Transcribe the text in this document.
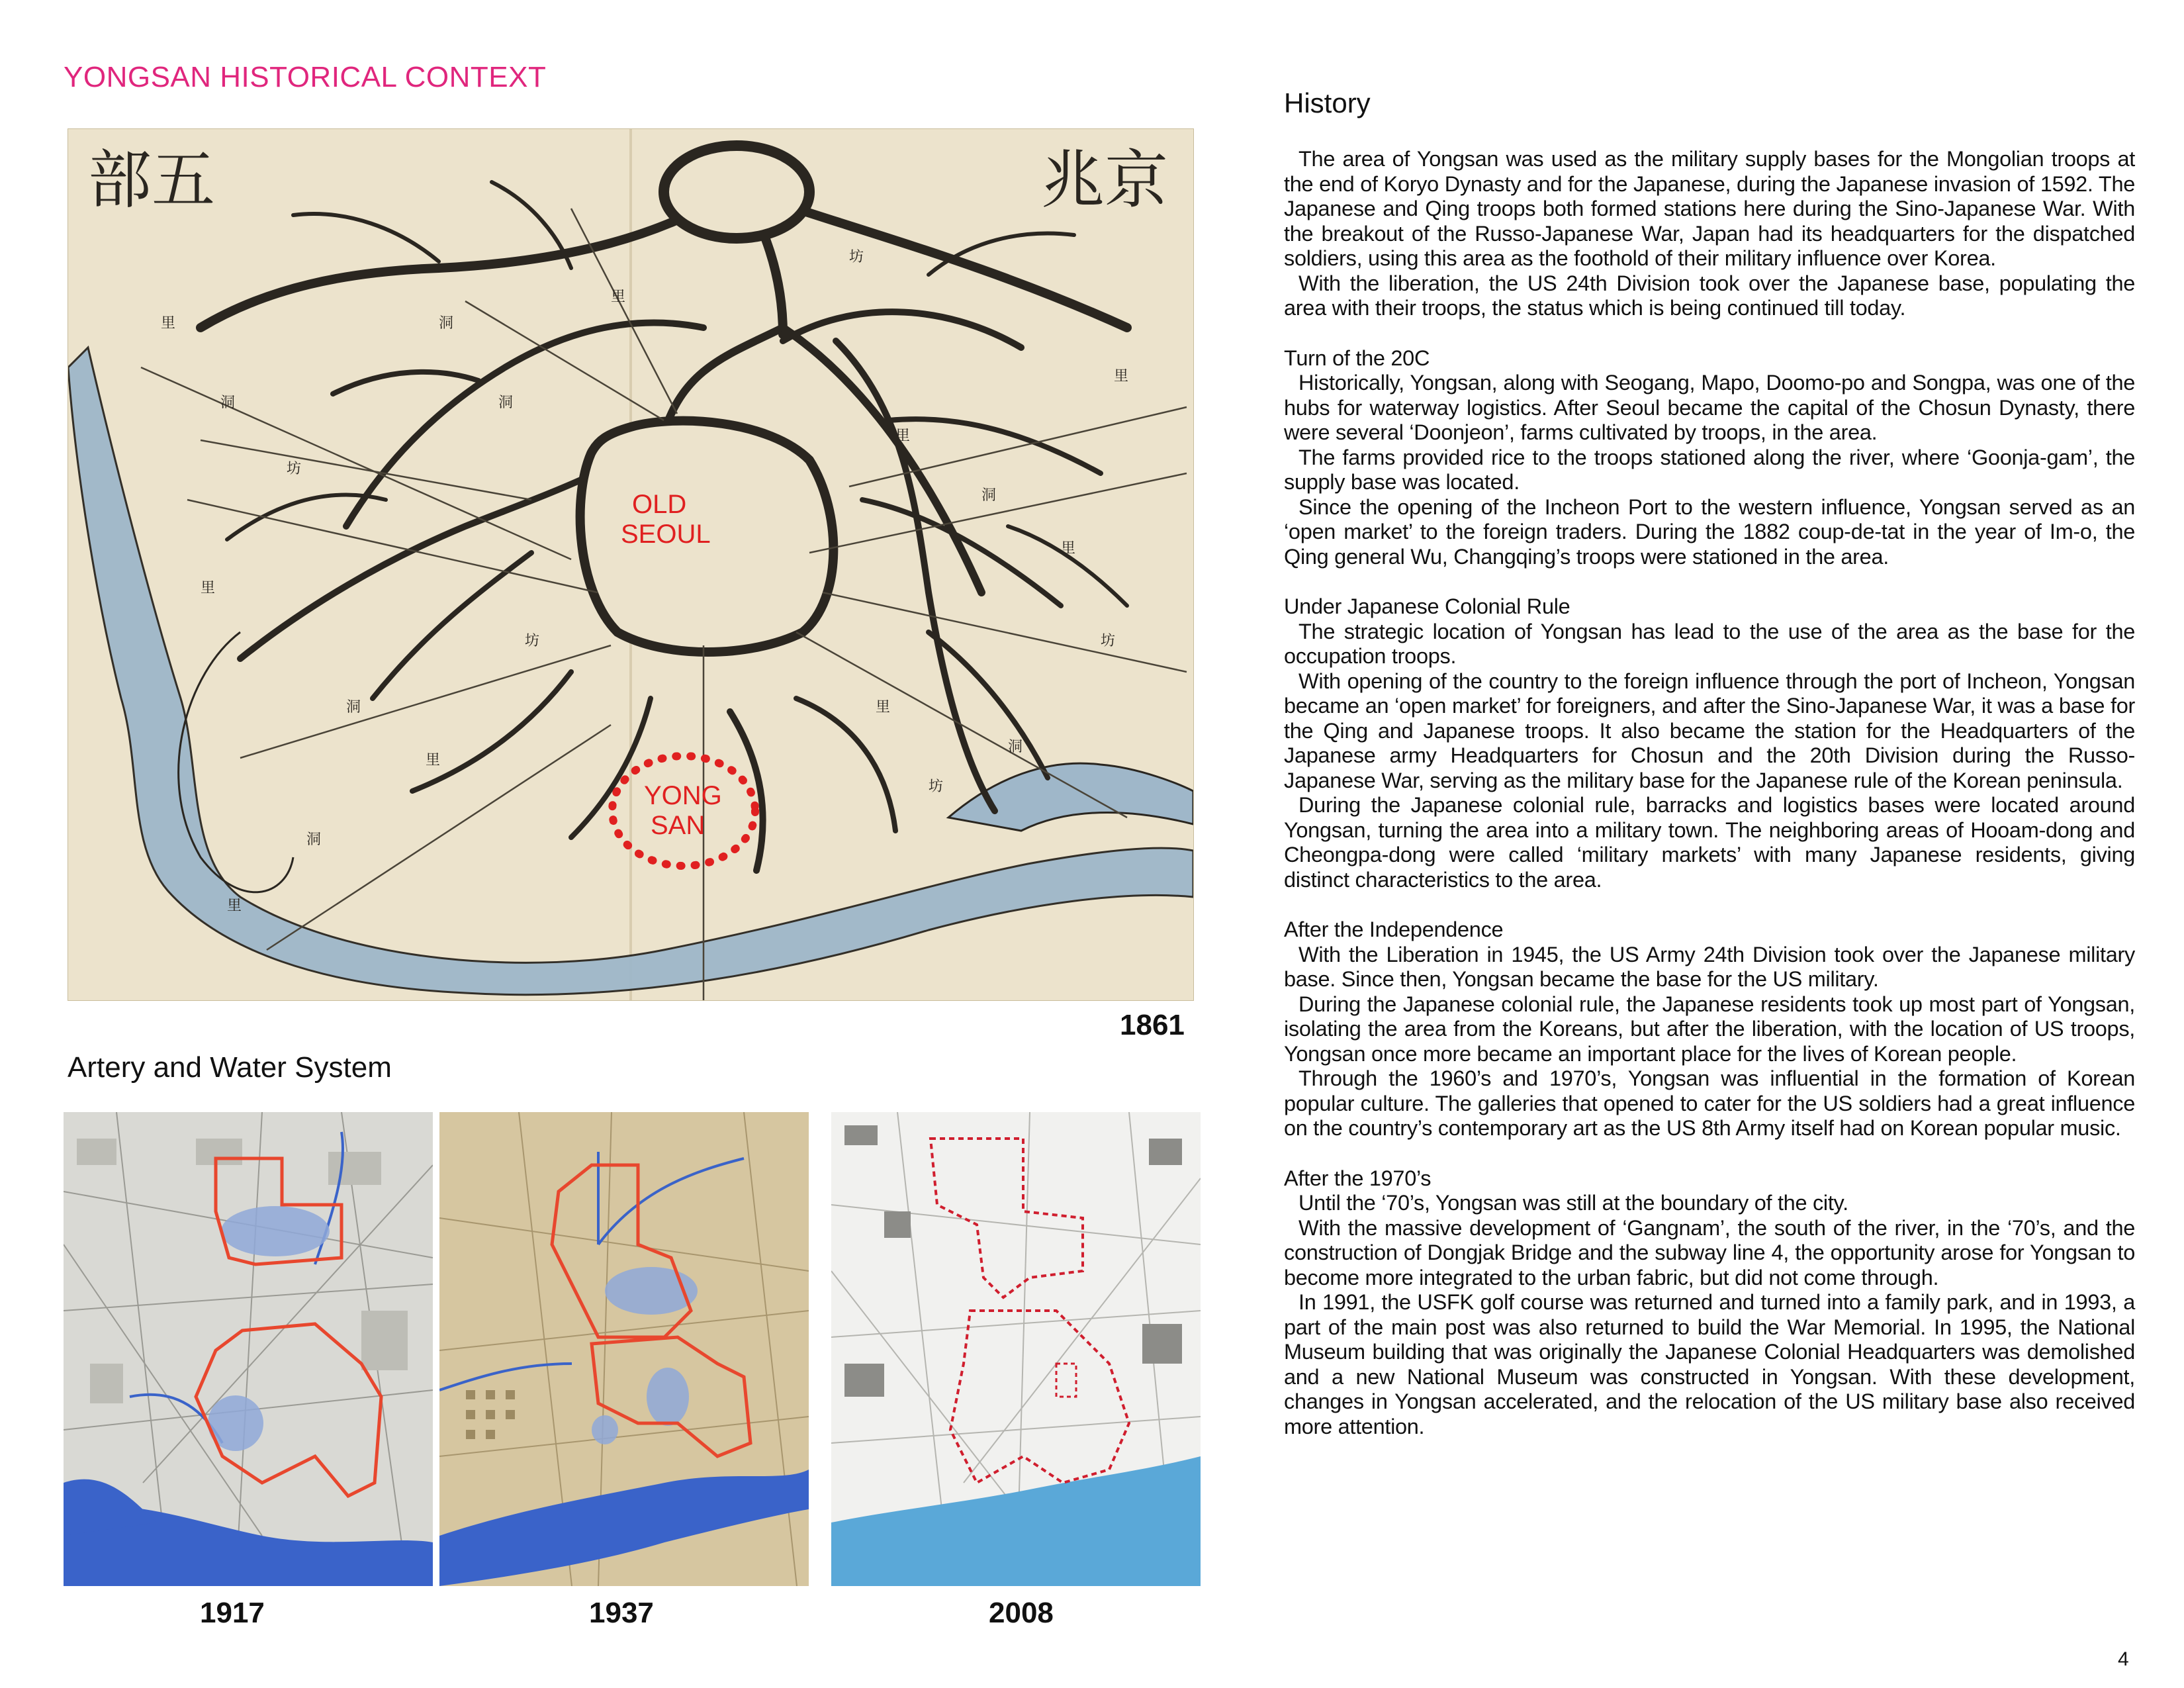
YONGSAN HISTORICAL CONTEXT
里
洞
坊
里
洞
里
洞
坊
里
洞
里
坊
里
洞
里
洞
里
坊
洞
里
坊
部五	兆京
OLD
SEOUL
YONG
SAN
1861
Artery and Water System
1917	1937	2008
History

The area of Yongsan was used as the military supply bases for the Mongolian troops at the end of Koryo Dynasty and for the Japanese, during the Japanese invasion of 1592. The Japanese and Qing troops both formed stations here during the Sino-Japanese War. With the breakout of the Russo-Japanese War, Japan had its headquarters for the dispatched soldiers, using this area as the foothold of their military influence over Korea.

With the liberation, the US 24th Division took over the Japanese base, populating the area with their troops, the status which is being continued till today.

Turn of the 20C

Historically, Yongsan, along with Seogang, Mapo, Doomo-po and Songpa, was one of the hubs for waterway logistics. After Seoul became the capital of the Chosun Dynasty, there were several ‘Doonjeon’, farms cultivated by troops, in the area.

The farms provided rice to the troops stationed along the river, where ‘Goonja-gam’, the supply base was located.

Since the opening of the Incheon Port to the western influence, Yongsan served as an ‘open market’ to the foreign traders. During the 1882 coup-de-tat in the year of Im-o, the Qing general Wu, Changqing’s troops were stationed in the area.

Under Japanese Colonial Rule

The strategic location of Yongsan has lead to the use of the area as the base for the occupation troops.

With opening of the country to the foreign influence through the port of Incheon, Yongsan became an ‘open market’ for foreigners, and after the Sino-Japanese War, it was a base for the Qing and Japanese troops. It also became the station for the Headquarters of the Japanese army Headquarters for Chosun and the 20th Division during the Russo-Japanese War, serving as the military base for the Japanese rule of the Korean peninsula.

During the Japanese colonial rule, barracks and logistics bases were located around Yongsan, turning the area into a military town. The neighboring areas of Hooam-dong and Cheongpa-dong were called ‘military markets’ with many Japanese residents, giving distinct characteristics to the area.

After the Independence

With the Liberation in 1945, the US Army 24th Division took over the Japanese military base. Since then, Yongsan became the base for the US military.

During the Japanese colonial rule, the Japanese residents took up most part of Yongsan, isolating the area from the Koreans, but after the liberation, with the location of US troops, Yongsan once more became an important place for the lives of Korean people.

Through the 1960’s and 1970’s, Yongsan was influential in the formation of Korean popular culture. The galleries that opened to cater for the US soldiers had a great influence on the country’s contemporary art as the US 8th Army itself had on Korean popular music.

After the 1970’s

Until the ‘70’s, Yongsan was still at the boundary of the city.

With the massive development of ‘Gangnam’, the south of the river, in the ‘70’s, and the construction of Dongjak Bridge and the subway line 4, the opportunity arose for Yongsan to become more integrated to the urban fabric, but did not come through.

In 1991, the USFK golf course was returned and turned into a family park, and in 1993, a part of the main post was also returned to build the War Memorial. In 1995, the National Museum building that was originally the Japanese Colonial Headquarters was demolished and a new National Museum was constructed in Yongsan. With these development, changes in Yongsan accelerated, and the relocation of the US military base also received more attention.

4
